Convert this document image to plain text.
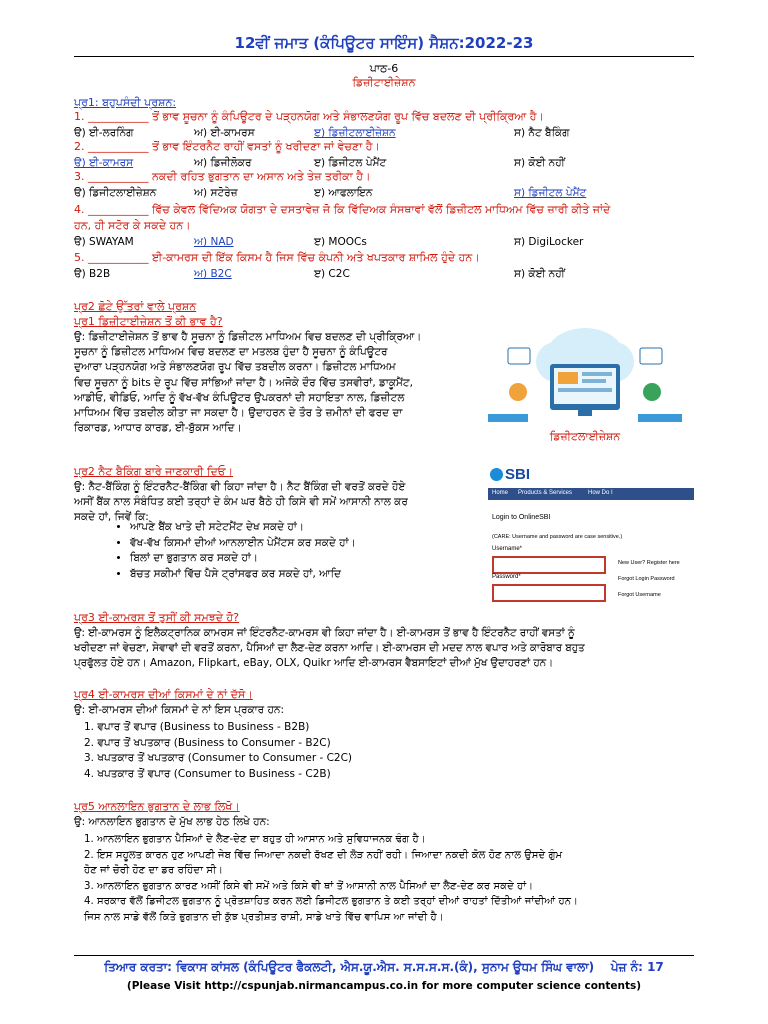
12ਵੀਂ ਜਮਾਤ (ਕੰਪਿਊਟਰ ਸਾਇੰਸ) ਸੈਸ਼ਨ:2022-23
ਪਾਠ-6
ਡਿਜ਼ੀਟਾਈਜ਼ੇਸ਼ਨ
ਪ੍ਰ1: ਬਹੁਪਸੰਦੀ ਪ੍ਰਸ਼ਨ:
1. ___________ ਤੋਂ ਭਾਵ ਸੂਚਨਾ ਨੂੰ ਕੰਪਿਊਟਰ ਦੇ ਪੜ੍ਹਨਯੋਗ ਅਤੇ ਸੰਭਾਲਣਯੋਗ ਰੂਪ ਵਿੱਚ ਬਦਲਣ ਦੀ ਪ੍ਰੀਕ੍ਰਿਆ ਹੈ।
ੳ) ਈ-ਲਰਨਿੰਗ	ਅ) ਈ-ਕਾਮਰਸ	ੲ) ਡਿਜ਼ੀਟਲਾਈਜ਼ੇਸ਼ਨ	ਸ) ਨੈਟ ਬੈਕਿੰਗ
2. ___________ ਤੋਂ ਭਾਵ ਇੰਟਰਨੈਟ ਰਾਹੀਂ ਵਸਤਾਂ ਨੂੰ ਖਰੀਦਣਾ ਜਾਂ ਵੇਚਣਾ ਹੈ।
ੳ) ਈ-ਕਾਮਰਸ	ਅ) ਡਿਜੀਲੋਕਰ	ੲ) ਡਿਜੀਟਲ ਪੇਮੈਂਟ	ਸ) ਕੋਈ ਨਹੀਂ
3. ___________ ਨਕਦੀ ਰਹਿਤ ਭੁਗਤਾਨ ਦਾ ਅਸਾਨ ਅਤੇ ਤੇਜ਼ ਤਰੀਕਾ ਹੈ।
ੳ) ਡਿਜੀਟਲਾਈਜ਼ੇਸ਼ਨ	ਅ) ਸਟੋਰੇਜ਼	ੲ) ਆਫਲਾਇਨ	ਸ) ਡਿਜੀਟਲ ਪੇਮੈਂਟ
4. ___________ ਵਿੱਚ ਕੇਵਲ ਵਿੱਦਿਅਕ ਯੋਗਤਾ ਦੇ ਦਸਤਾਵੇਜ਼ ਜੋ ਕਿ ਵਿੱਦਿਅਕ ਸੰਸਥਾਵਾਂ ਵੱਲੋਂ ਡਿਜ਼ੀਟਲ ਮਾਧਿਅਮ ਵਿੱਚ ਜ਼ਾਰੀ ਕੀਤੇ ਜਾਂਦੇ
ਹਨ, ਹੀ ਸਟੋਰ ਕੇ ਸਕਦੇ ਹਨ।
ੳ) SWAYAM	ਅ) NAD	ੲ) MOOCs	ਸ) DigiLocker
5. ___________ ਈ-ਕਾਮਰਸ ਦੀ ਇੱਕ ਕਿਸਮ ਹੈ ਜਿਸ ਵਿੱਚ ਕੰਪਨੀ ਅਤੇ ਖਪਤਕਾਰ ਸ਼ਾਮਿਲ ਹੁੰਦੇ ਹਨ।
ੳ) B2B	ਅ) B2C	ੲ) C2C	ਸ) ਕੋਈ ਨਹੀਂ
ਪ੍ਰ2 ਛੋਟੇ ਉੱਤਰਾਂ ਵਾਲੇ ਪ੍ਰਸ਼ਨ
ਪ੍ਰ1 ਡਿਜ਼ੀਟਾਈਜ਼ੇਸ਼ਨ ਤੋਂ ਕੀ ਭਾਵ ਹੈ?
ਉ: ਡਿਜ਼ੀਟਾਈਜ਼ੇਸ਼ਨ ਤੋਂ ਭਾਵ ਹੈ ਸੂਚਨਾ ਨੂੰ ਡਿਜ਼ੀਟਲ ਮਾਧਿਅਮ ਵਿਚ ਬਦਲਣ ਦੀ ਪ੍ਰੀਕ੍ਰਿਆ।
ਸੂਚਨਾ ਨੂੰ ਡਿਜ਼ੀਟਲ ਮਾਧਿਅਮ ਵਿਚ ਬਦਲਣ ਦਾ ਮਤਲਬ ਹੁੰਦਾ ਹੈ ਸੂਚਨਾ ਨੂੰ ਕੰਪਿਊਟਰ
ਦੁਆਰਾ ਪੜ੍ਹਨਯੋਗ ਅਤੇ ਸੰਭਾਲਣਯੋਗ ਰੂਪ ਵਿੱਚ ਤਬਦੀਲ ਕਰਨਾ। ਡਿਜ਼ੀਟਲ ਮਾਧਿਅਮ
ਵਿਚ ਸੂਚਨਾ ਨੂੰ bits ਦੇ ਰੂਪ ਵਿੱਚ ਸਾਂਭਿਆਂ ਜਾਂਦਾ ਹੈ। ਅਜੋਕੇ ਦੌਰ ਵਿੱਚ ਤਸਵੀਰਾਂ, ਡਾਕੂਮੈਂਟ,
ਆਡੀਓ, ਵੀਡਿਓ, ਆਦਿ ਨੂੰ ਵੱਖ-ਵੱਖ ਕੰਪਿਊਟਰ ਉਪਕਰਨਾਂ ਦੀ ਸਹਾਇਤਾ ਨਾਲ, ਡਿਜ਼ੀਟਲ
ਮਾਧਿਅਮ ਵਿੱਚ ਤਬਦੀਲ ਕੀਤਾ ਜਾ ਸਕਦਾ ਹੈ। ਉਦਾਹਰਨ ਦੇ ਤੌਰ ਤੇ ਜ਼ਮੀਨਾਂ ਦੀ ਫਰਦ ਦਾ
ਰਿਕਾਰਡ, ਆਧਾਰ ਕਾਰਡ, ਈ-ਬੁੱਕਸ ਆਦਿ।
ਡਿਜ਼ੀਟਲਾਈਜ਼ੇਸ਼ਨ
ਪ੍ਰ2 ਨੈਟ ਬੈਕਿੰਗ ਬਾਰੇ ਜਾਣਕਾਰੀ ਦਿਓ।
ਉ: ਨੈਟ-ਬੈਂਕਿੰਗ ਨੂੰ ਇੰਟਰਨੈਟ-ਬੈਂਕਿੰਗ ਵੀ ਕਿਹਾ ਜਾਂਦਾ ਹੈ। ਨੈਟ ਬੈਂਕਿੰਗ ਦੀ ਵਰਤੋਂ ਕਰਦੇ ਹੋਏ
ਅਸੀਂ ਬੈਂਕ ਨਾਲ ਸੰਬੰਧਿਤ ਕਈ ਤਰ੍ਹਾਂ ਦੇ ਕੰਮ ਘਰ ਬੈਠੇ ਹੀ ਕਿਸੇ ਵੀ ਸਮੇਂ ਆਸਾਨੀ ਨਾਲ ਕਰ
ਸਕਦੇ ਹਾਂ, ਜਿਵੇਂ ਕਿ:
• ਆਪਣੇ ਬੈਂਕ ਖਾਤੇ ਦੀ ਸਟੇਟਮੈਂਟ ਦੇਖ ਸਕਦੇ ਹਾਂ।
• ਵੱਖ-ਵੱਖ ਕਿਸਮਾਂ ਦੀਆਂ ਆਨਲਾਈਨ ਪੇਮੈਂਟਸ ਕਰ ਸਕਦੇ ਹਾਂ।
• ਬਿਲਾਂ ਦਾ ਭੁਗਤਾਨ ਕਰ ਸਕਦੇ ਹਾਂ।
• ਬੱਚਤ ਸਕੀਮਾਂ ਵਿੱਚ ਪੈਸੇ ਟ੍ਰਾਂਸਫਰ ਕਰ ਸਕਦੇ ਹਾਂ, ਆਦਿ
SBI
Home Products & Services	How Do I
Login to OnlineSBI
(CARE: Username and password are case sensitive.)
Username*
New User? Register here
Password*	Forgot Login Password
Forgot Username
ਪ੍ਰ3 ਈ-ਕਾਮਰਸ ਤੋਂ ਤੁਸੀਂ ਕੀ ਸਮਝਦੇ ਹੋ?
ਉ: ਈ-ਕਾਮਰਸ ਨੂੰ ਇਲੈਕਟ੍ਰਾਨਿਕ ਕਾਮਰਸ ਜਾਂ ਇੰਟਰਨੈਟ-ਕਾਮਰਸ ਵੀ ਕਿਹਾ ਜਾਂਦਾ ਹੈ। ਈ-ਕਾਮਰਸ ਤੋਂ ਭਾਵ ਹੈ ਇੰਟਰਨੈਟ ਰਾਹੀਂ ਵਸਤਾਂ ਨੂੰ
ਖਰੀਦਣਾ ਜਾਂ ਵੇਚਣਾ, ਸੇਵਾਵਾਂ ਦੀ ਵਰਤੋਂ ਕਰਨਾ, ਪੈਸਿਆਂ ਦਾ ਲੈਣ-ਦੇਣ ਕਰਨਾ ਆਦਿ। ਈ-ਕਾਮਰਸ ਦੀ ਮਦਦ ਨਾਲ ਵਪਾਰ ਅਤੇ ਕਾਰੋਬਾਰ ਬਹੁਤ
ਪ੍ਰਫੁੱਲਤ ਹੋਏ ਹਨ। Amazon, Flipkart, eBay, OLX, Quikr ਆਦਿ ਈ-ਕਾਮਰਸ ਵੈਬਸਾਇਟਾਂ ਦੀਆਂ ਮੁੱਖ ਉਦਾਹਰਣਾਂ ਹਨ।
ਪ੍ਰ4 ਈ-ਕਾਮਰਸ ਦੀਆਂ ਕਿਸਮਾਂ ਦੇ ਨਾਂ ਦੱਸੋ।
ਉ: ਈ-ਕਾਮਰਸ ਦੀਆਂ ਕਿਸਮਾਂ ਦੇ ਨਾਂ ਇਸ ਪ੍ਰਕਾਰ ਹਨ:
1. ਵਪਾਰ ਤੋਂ ਵਪਾਰ (Business to Business - B2B)
2. ਵਪਾਰ ਤੋਂ ਖਪਤਕਾਰ (Business to Consumer - B2C)
3. ਖਪਤਕਾਰ ਤੋਂ ਖਪਤਕਾਰ (Consumer to Consumer - C2C)
4. ਖਪਤਕਾਰ ਤੋਂ ਵਪਾਰ (Consumer to Business - C2B)
ਪ੍ਰ5 ਆਨਲਾਇਨ ਭੁਗਤਾਨ ਦੇ ਲਾਭ ਲਿਖੋ।
ਉ: ਆਨਲਾਇਨ ਭੁਗਤਾਨ ਦੇ ਮੁੱਖ ਲਾਭ ਹੇਠ ਲਿਖੇ ਹਨ:
1. ਆਨਲਾਇਨ ਭੁਗਤਾਨ ਪੈਸਿਆਂ ਦੇ ਲੈਣ-ਦੇਣ ਦਾ ਬਹੁਤ ਹੀ ਆਸਾਨ ਅਤੇ ਸੁਵਿਧਾਜਨਕ ਢੰਗ ਹੈ।
2. ਇਸ ਸਹੂਲਤ ਕਾਰਨ ਹੁਣ ਆਪਣੀ ਜੇਬ ਵਿੱਚ ਜਿਆਦਾ ਨਕਦੀ ਰੱਖਣ ਦੀ ਲੋੜ ਨਹੀਂ ਰਹੀ। ਜਿਆਦਾ ਨਕਦੀ ਕੋਲ ਹੋਣ ਨਾਲ ਉਸਦੇ ਗੁੰਮ
ਹੋਣ ਜਾਂ ਚੋਰੀ ਹੋਣ ਦਾ ਡਰ ਰਹਿੰਦਾ ਸੀ।
3. ਆਨਲਾਇਨ ਭੁਗਤਾਨ ਕਾਰਣ ਅਸੀਂ ਕਿਸੇ ਵੀ ਸਮੇਂ ਅਤੇ ਕਿਸੇ ਵੀ ਥਾਂ ਤੋਂ ਆਸਾਨੀ ਨਾਲ ਪੈਸਿਆਂ ਦਾ ਲੈਣ-ਦੇਣ ਕਰ ਸਕਦੇ ਹਾਂ।
4. ਸਰਕਾਰ ਵੱਲੋਂ ਡਿਜੀਟਲ ਭੁਗਤਾਨ ਨੂੰ ਪ੍ਰੋਤਸ਼ਾਹਿਤ ਕਰਨ ਲਈ ਡਿਜੀਟਲ ਭੁਗਤਾਨ ਤੇ ਕਈ ਤਰ੍ਹਾਂ ਦੀਆਂ ਰਾਹਤਾਂ ਦਿੱਤੀਆਂ ਜਾਂਦੀਆਂ ਹਨ।
ਜਿਸ ਨਾਲ ਸਾਡੇ ਵੱਲੋਂ ਕਿਤੇ ਭੁਗਤਾਨ ਦੀ ਕੁੱਝ ਪ੍ਰਤੀਸ਼ਤ ਰਾਸ਼ੀ, ਸਾਡੇ ਖਾਤੇ ਵਿੱਚ ਵਾਪਿਸ ਆ ਜਾਂਦੀ ਹੈ।
ਤਿਆਰ ਕਰਤਾ: ਵਿਕਾਸ ਕਾਂਸਲ (ਕੰਪਿਊਟਰ ਫੈਕਲਟੀ, ਐਸ.ਯੂ.ਐਸ. ਸ.ਸ.ਸ.ਸ.(ਕੰ), ਸੁਨਾਮ ਊਧਮ ਸਿੰਘ ਵਾਲਾ) ਪੇਜ਼ ਨੰ: 17
(Please Visit http://cspunjab.nirmancampus.co.in for more computer science contents)
